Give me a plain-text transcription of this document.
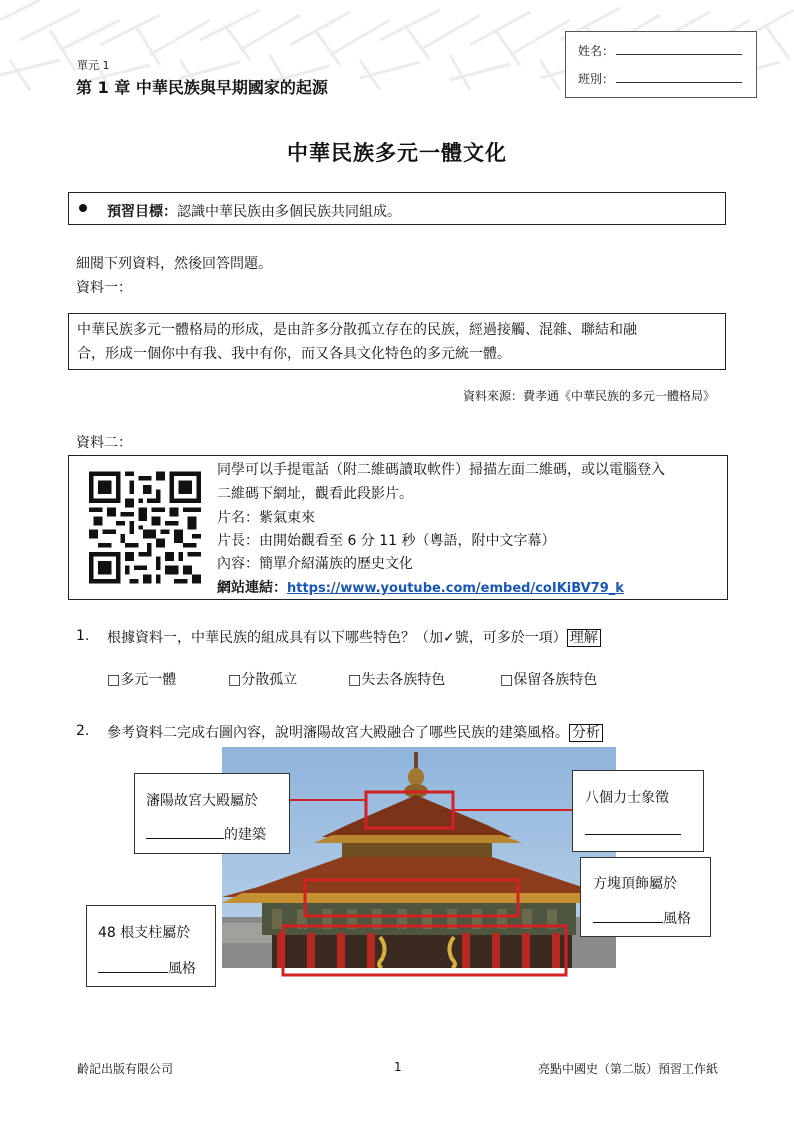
單元 1
第 1 章 中華民族與早期國家的起源
姓名：
班別：
中華民族多元一體文化
預習目標：認識中華民族由多個民族共同組成。
細閱下列資料，然後回答問題。
資料一：
中華民族多元一體格局的形成，是由許多分散孤立存在的民族，經過接觸、混雜、聯結和融
合，形成一個你中有我、我中有你，而又各具文化特色的多元統一體。
資料來源：費孝通《中華民族的多元一體格局》
資料二：
同學可以手提電話（附二維碼讀取軟件）掃描左面二維碼，或以電腦登入
二維碼下網址，觀看此段影片。
片名：紫氣東來
片長：由開始觀看至 6 分 11 秒（粵語，附中文字幕）
內容：簡單介紹滿族的歷史文化
網站連結：https://www.youtube.com/embed/coIKiBV79_k
1. 根據資料一，中華民族的組成具有以下哪些特色？（加✓號，可多於一項） 理解
□多元一體	□分散孤立	□失去各族特色	□保留各族特色
2. 參考資料二完成右圖內容，說明瀋陽故宮大殿融合了哪些民族的建築風格。 分析
瀋陽故宮大殿屬於
的建築
八個力士象徵
方塊頂飾屬於
風格
48 根支柱屬於
風格
齡記出版有限公司	1	亮點中國史（第二版）預習工作紙
